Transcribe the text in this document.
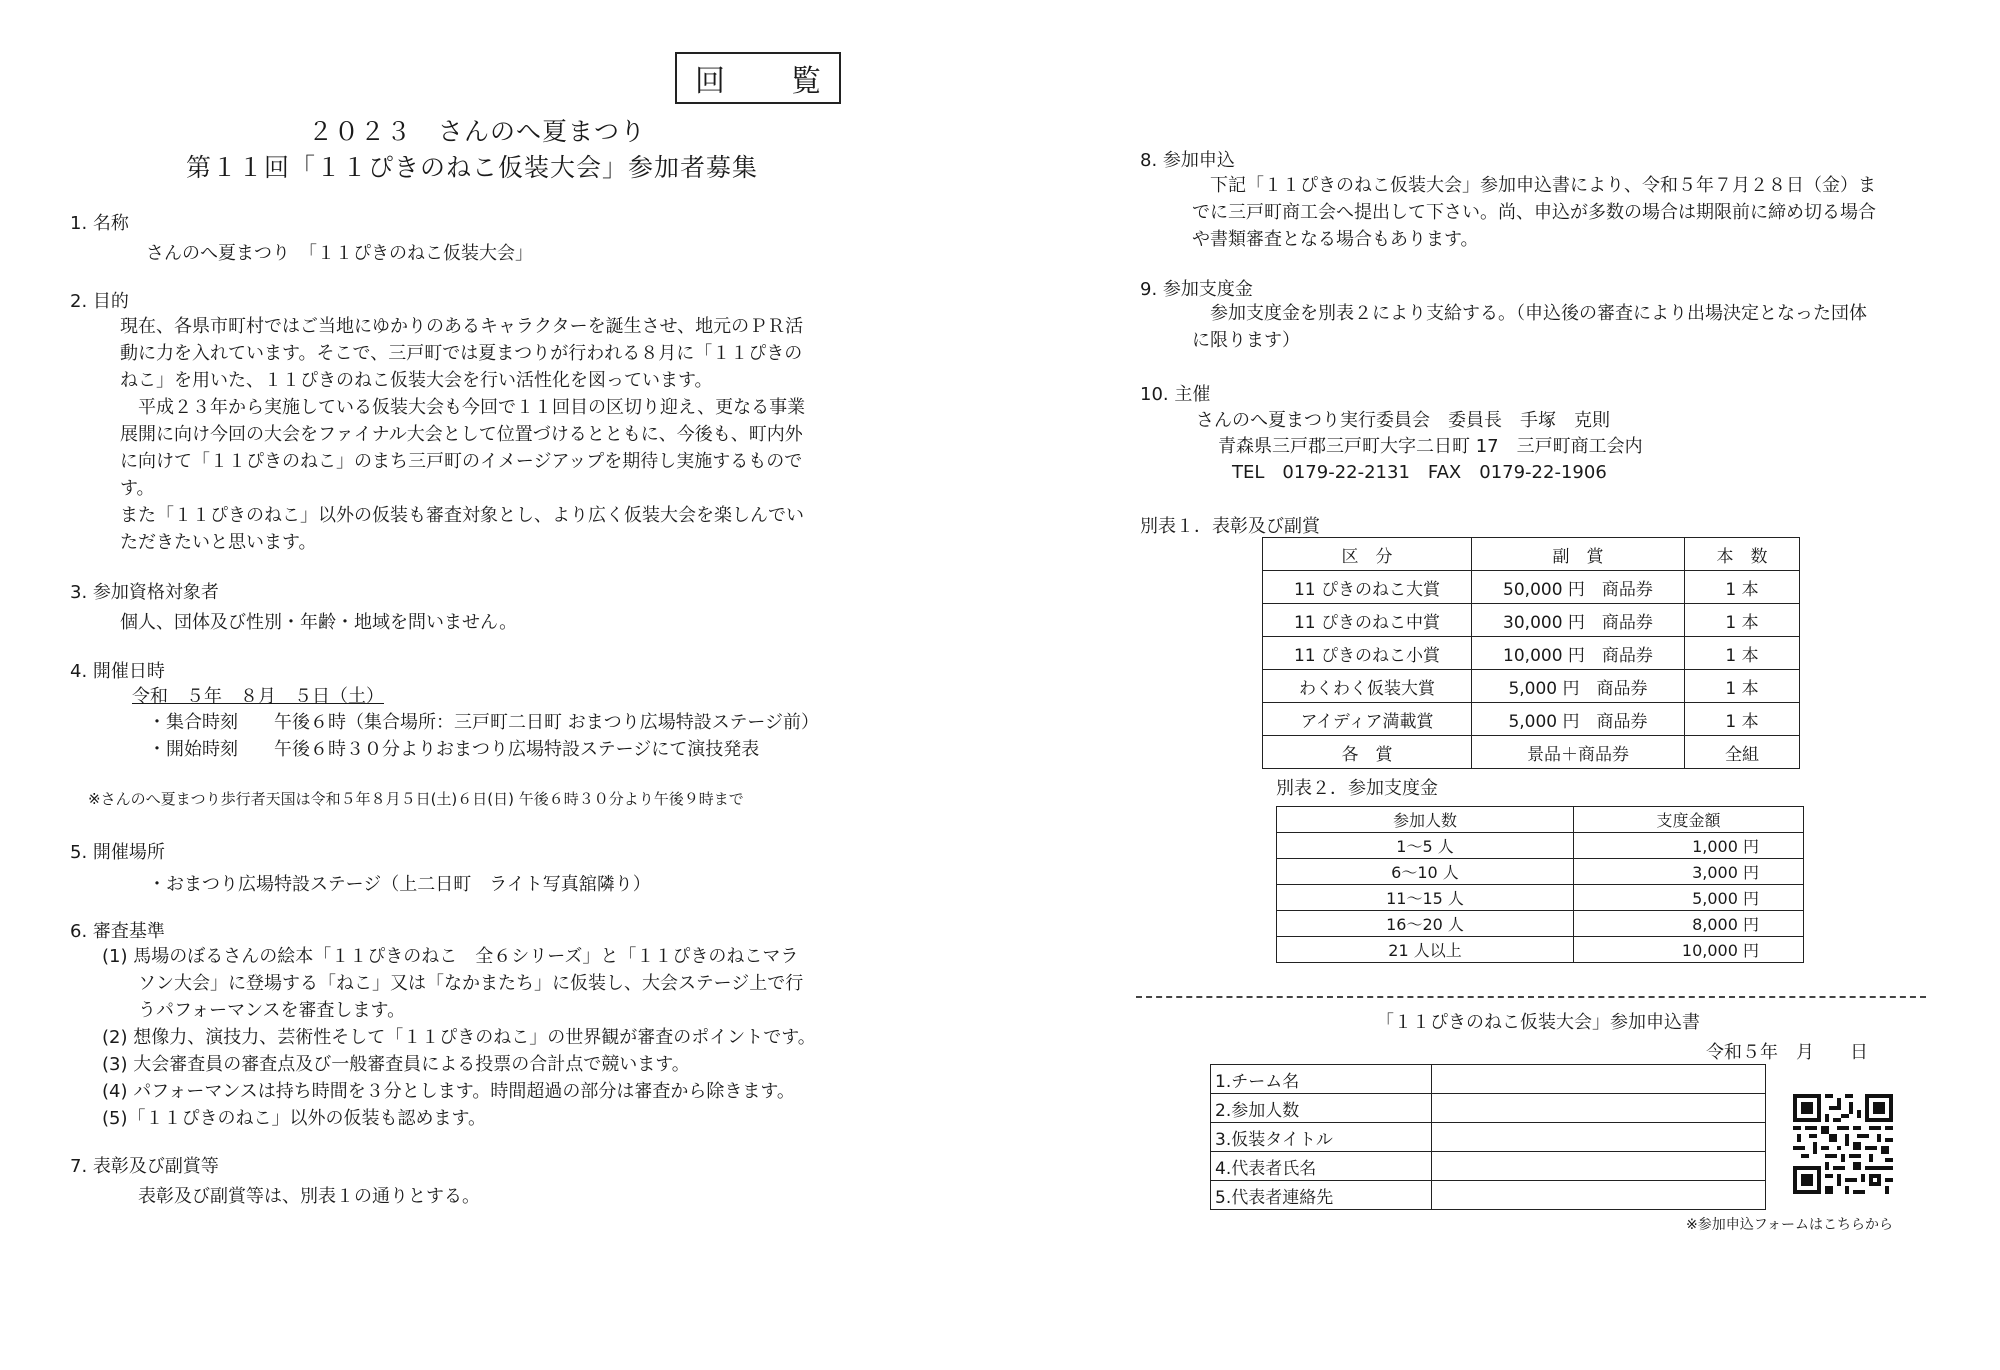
回　覧
２０２３　さんのへ夏まつり
第１１回「１１ぴきのねこ仮装大会」参加者募集
1. 名称
さんのへ夏まつり　「１１ぴきのねこ仮装大会」
2. 目的
現在、各県市町村ではご当地にゆかりのあるキャラクターを誕生させ、地元のＰＲ活
動に力を入れています。そこで、三戸町では夏まつりが行われる８月に「１１ぴきの
ねこ」を用いた、１１ぴきのねこ仮装大会を行い活性化を図っています。
　平成２３年から実施している仮装大会も今回で１１回目の区切り迎え、更なる事業
展開に向け今回の大会をファイナル大会として位置づけるとともに、今後も、町内外
に向けて「１１ぴきのねこ」のまち三戸町のイメージアップを期待し実施するもので
す。
また「１１ぴきのねこ」以外の仮装も審査対象とし、より広く仮装大会を楽しんでい
ただきたいと思います。
3. 参加資格対象者
個人、団体及び性別・年齢・地域を問いません。
4. 開催日時
令和　５年　８月　５日（土）
・集合時刻　　午後６時（集合場所：三戸町二日町 おまつり広場特設ステージ前）
・開始時刻　　午後６時３０分よりおまつり広場特設ステージにて演技発表
※さんのへ夏まつり歩行者天国は令和５年８月５日(土)６日(日) 午後６時３０分より午後９時まで
5. 開催場所
・おまつり広場特設ステージ（上二日町　ライト写真舘隣り）
6. 審査基準
(1) 馬場のぼるさんの絵本「１１ぴきのねこ　全６シリーズ」と「１１ぴきのねこマラ
　　ソン大会」に登場する「ねこ」又は「なかまたち」に仮装し、大会ステージ上で行
　　うパフォーマンスを審査します。
(2) 想像力、演技力、芸術性そして「１１ぴきのねこ」の世界観が審査のポイントです。
(3) 大会審査員の審査点及び一般審査員による投票の合計点で競います。
(4) パフォーマンスは持ち時間を３分とします。時間超過の部分は審査から除きます。
(5)「１１ぴきのねこ」以外の仮装も認めます。
7. 表彰及び副賞等
表彰及び副賞等は、別表１の通りとする。
8. 参加申込
　下記「１１ぴきのねこ仮装大会」参加申込書により、令和５年７月２８日（金）ま
でに三戸町商工会へ提出して下さい。尚、申込が多数の場合は期限前に締め切る場合
や書類審査となる場合もあります。
9. 参加支度金
　参加支度金を別表２により支給する。（申込後の審査により出場決定となった団体
に限ります）
10. 主催
さんのへ夏まつり実行委員会　委員長　手塚　克則
青森県三戸郡三戸町大字二日町 17　三戸町商工会内
TEL　0179-22-2131　FAX　0179-22-1906
別表１．表彰及び副賞
区　分	副　賞	本　数
11 ぴきのねこ大賞	50,000 円　商品券	1 本
11 ぴきのねこ中賞	30,000 円　商品券	1 本
11 ぴきのねこ小賞	10,000 円　商品券	1 本
わくわく仮装大賞	5,000 円　商品券	1 本
アイディア満載賞	5,000 円　商品券	1 本
各　賞	景品＋商品券	全組
別表２．参加支度金
参加人数	支度金額
1～5 人	1,000 円
6～10 人	3,000 円
11～15 人	5,000 円
16～20 人	8,000 円
21 人以上	10,000 円
「１１ぴきのねこ仮装大会」参加申込書
令和５年　月　　日
1.チーム名	
2.参加人数	
3.仮装タイトル	
4.代表者氏名	
5.代表者連絡先	
※参加申込フォームはこちらから
